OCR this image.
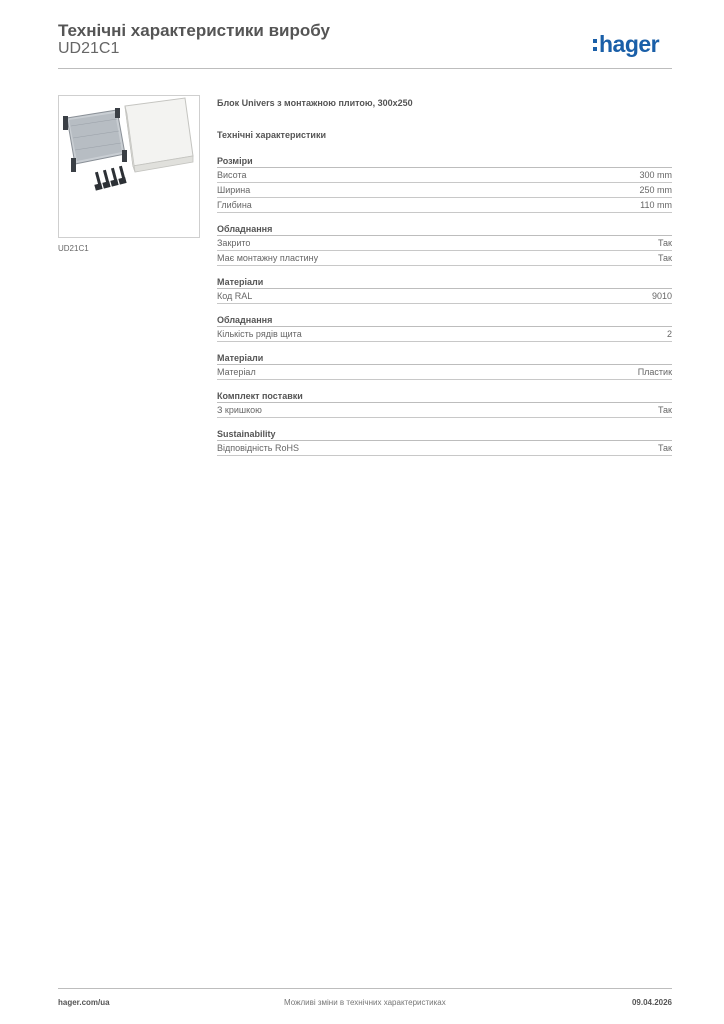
Технічні характеристики виробу
UD21C1	hager
UD21C1
Блок Univers з монтажною плитою, 300x250
Технічні характеристики
Розміри
Висота	300 mm
Ширина	250 mm
Глибина	110 mm
Обладнання
Закрито	Так
Має монтажну пластину	Так
Матеріали
Код RAL	9010
Обладнання
Кількість рядів щита	2
Матеріали
Матеріал	Пластик
Комплект поставки
З кришкою	Так
Sustainability
Відповідність RoHS	Так
hager.com/ua	Можливі зміни в технічних характеристиках	09.04.2026
